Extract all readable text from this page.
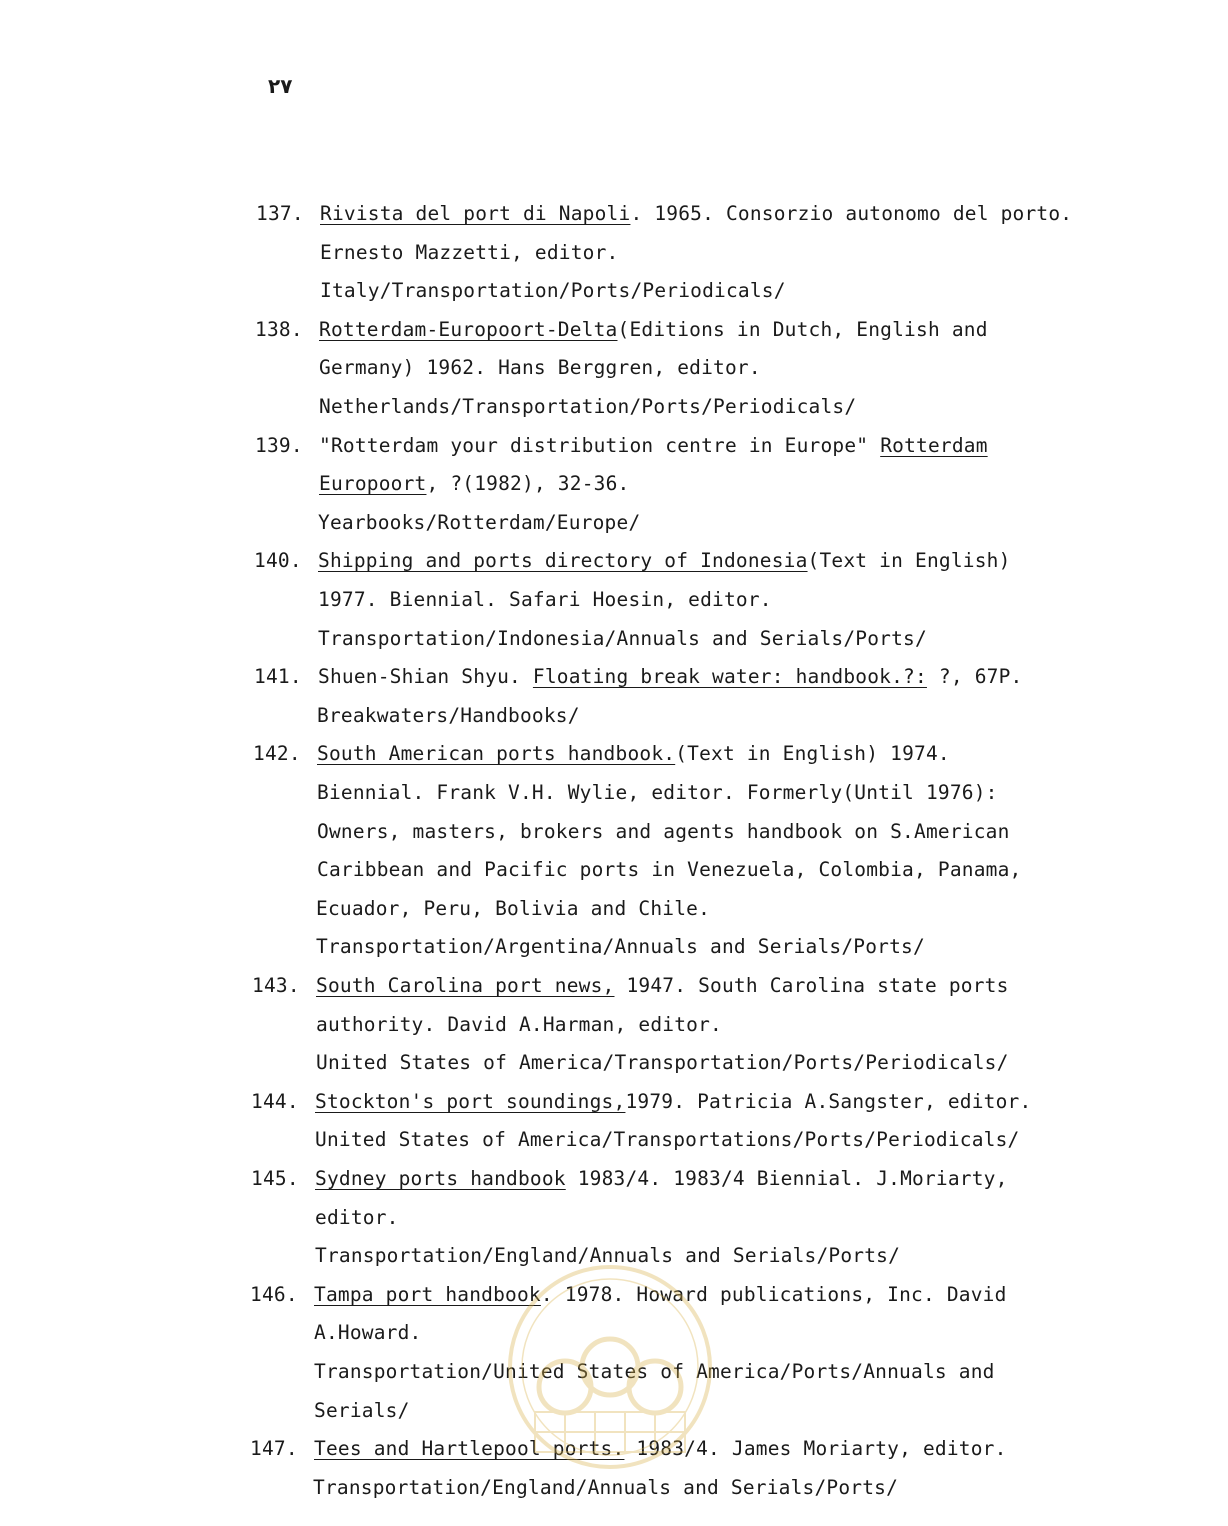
٢٧
137. Rivista del port di Napoli. 1965. Consorzio autonomo del porto.
Ernesto Mazzetti, editor.
Italy/Transportation/Ports/Periodicals/
138. Rotterdam-Europoort-Delta(Editions in Dutch, English and
Germany) 1962. Hans Berggren, editor.
Netherlands/Transportation/Ports/Periodicals/
139. "Rotterdam your distribution centre in Europe" Rotterdam
Europoort, ?(1982), 32-36.
Yearbooks/Rotterdam/Europe/
140. Shipping and ports directory of Indonesia(Text in English)
1977. Biennial. Safari Hoesin, editor.
Transportation/Indonesia/Annuals and Serials/Ports/
141. Shuen-Shian Shyu. Floating break water: handbook.?: ?, 67P.
Breakwaters/Handbooks/
142. South American ports handbook.(Text in English) 1974.
Biennial. Frank V.H. Wylie, editor. Formerly(Until 1976):
Owners, masters, brokers and agents handbook on S.American
Caribbean and Pacific ports in Venezuela, Colombia, Panama,
Ecuador, Peru, Bolivia and Chile.
Transportation/Argentina/Annuals and Serials/Ports/
143. South Carolina port news, 1947. South Carolina state ports
authority. David A.Harman, editor.
United States of America/Transportation/Ports/Periodicals/
144. Stockton's port soundings,1979. Patricia A.Sangster, editor.
United States of America/Transportations/Ports/Periodicals/
145. Sydney ports handbook 1983/4. 1983/4 Biennial. J.Moriarty,
editor.
Transportation/England/Annuals and Serials/Ports/
146. Tampa port handbook. 1978. Howard publications, Inc. David
A.Howard.
Transportation/United States of America/Ports/Annuals and
Serials/
147. Tees and Hartlepool ports. 1983/4. James Moriarty, editor.
Transportation/England/Annuals and Serials/Ports/
